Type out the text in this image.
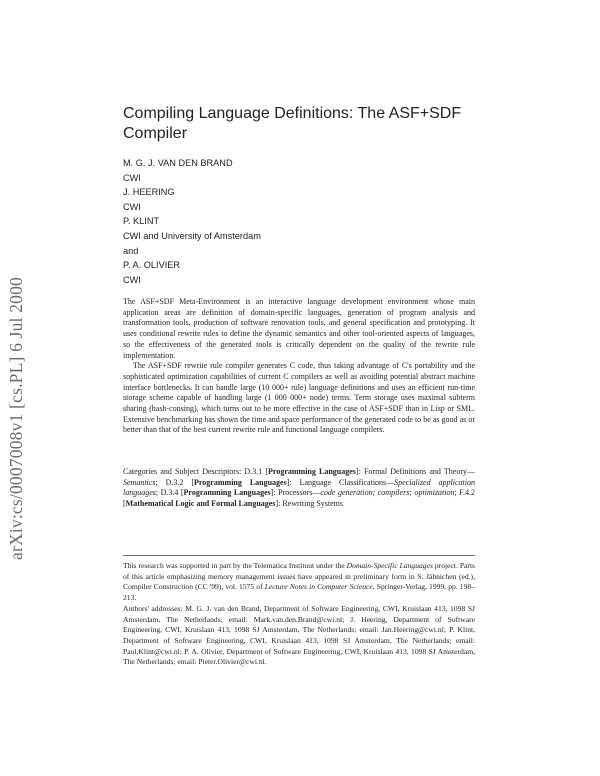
arXiv:cs/0007008v1 [cs.PL] 6 Jul 2000
Compiling Language Definitions: The ASF+SDF Compiler
M. G. J. VAN DEN BRAND
CWI
J. HEERING
CWI
P. KLINT
CWI and University of Amsterdam
and
P. A. OLIVIER
CWI

The ASF+SDF Meta-Environment is an interactive language development environment whose main application areas are definition of domain-specific languages, generation of program analysis and transformation tools, production of software renovation tools, and general specification and prototyping. It uses conditional rewrite rules to define the dynamic semantics and other tool-oriented aspects of languages, so the effectiveness of the generated tools is critically dependent on the quality of the rewrite rule implementation.

The ASF+SDF rewrite rule compiler generates C code, thus taking advantage of C's portability and the sophisticated optimization capabilities of current C compilers as well as avoiding potential abstract machine interface bottlenecks. It can handle large (10 000+ rule) language definitions and uses an efficient run-time storage scheme capable of handling large (1 000 000+ node) terms. Term storage uses maximal subterm sharing (hash-consing), which turns out to be more effective in the case of ASF+SDF than in Lisp or SML. Extensive benchmarking has shown the time and space performance of the generated code to be as good as or better than that of the best current rewrite rule and functional language compilers.

Categories and Subject Descriptors: D.3.1 [Programming Languages]: Formal Definitions and Theory—Semantics; D.3.2 [Programming Languages]: Language Classifications—Specialized application languages; D.3.4 [Programming Languages]: Processors—code generation; compilers; optimization; F.4.2 [Mathematical Logic and Formal Languages]: Rewriting Systems

This research was supported in part by the Telematica Instituut under the Domain-Specific Languages project. Parts of this article emphasizing memory management issues have appeared in preliminary form in S. Jähnichen (ed.), Compiler Construction (CC '99), vol. 1575 of Lecture Notes in Computer Science, Springer-Verlag, 1999, pp. 198–213.

Authors' addresses: M. G. J. van den Brand, Department of Software Engineering, CWI, Kruislaan 413, 1098 SJ Amsterdam, The Netherlands; email: Mark.van.den.Brand@cwi.nl; J. Heering, Department of Software Engineering, CWI, Kruislaan 413, 1098 SJ Amsterdam, The Netherlands; email: Jan.Heering@cwi.nl; P. Klint, Department of Software Engineering, CWI, Kruislaan 413, 1098 SJ Amsterdam, The Netherlands; email: Paul.Klint@cwi.nl; P. A. Olivier, Department of Software Engineering, CWI, Kruislaan 413, 1098 SJ Amsterdam, The Netherlands; email: Pieter.Olivier@cwi.nl.
